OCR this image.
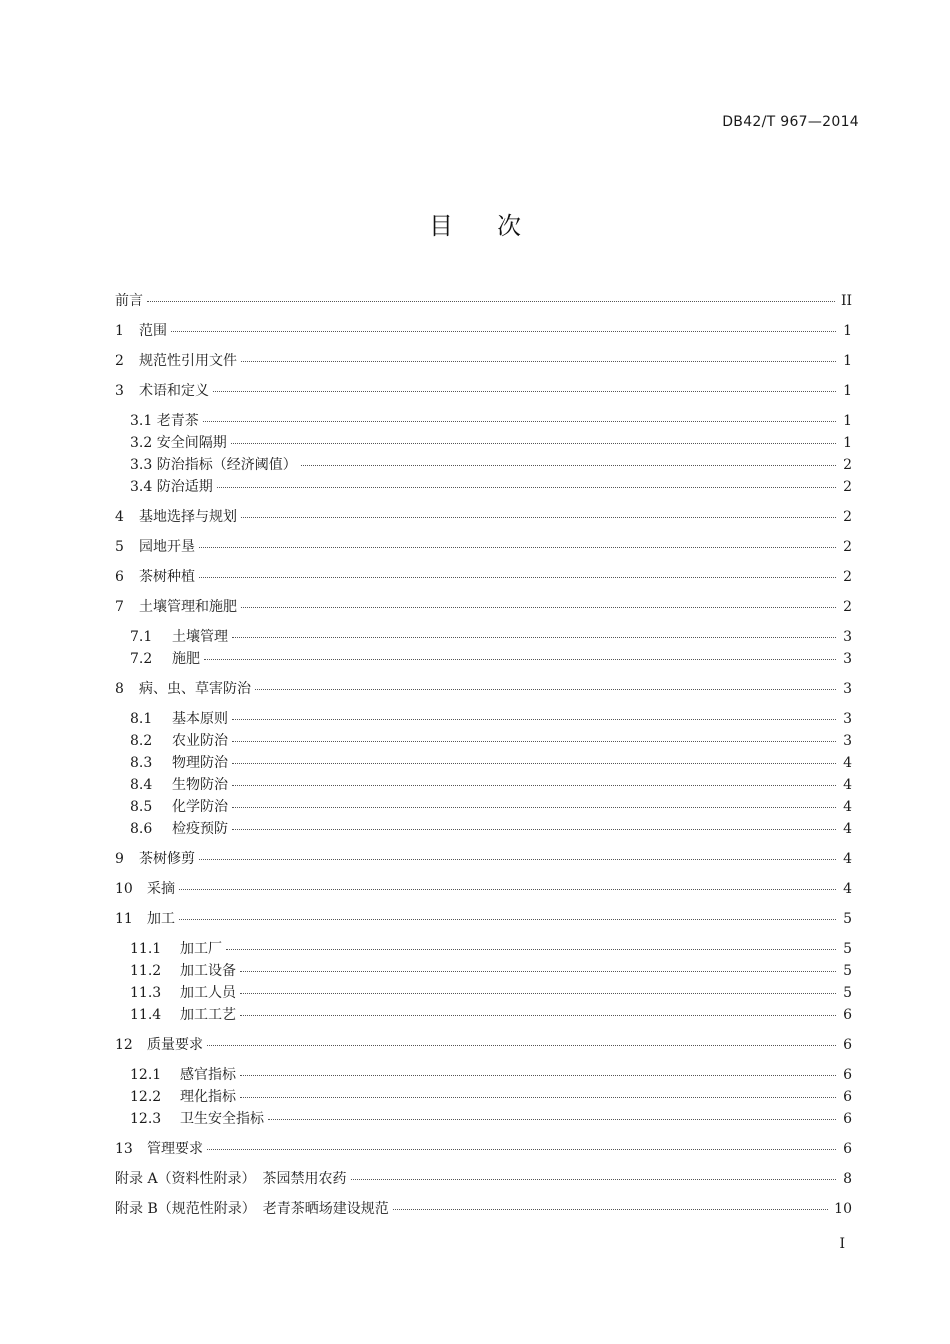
DB42/T 967—2014
目次
前言	II
1	范围	1
2	规范性引用文件	1
3	术语和定义	1
3.1 老青茶	1
3.2 安全间隔期	1
3.3 防治指标（经济阈值）	2
3.4 防治适期	2
4	基地选择与规划	2
5	园地开垦	2
6	茶树种植	2
7	土壤管理和施肥	2
7.1	土壤管理	3
7.2	施肥	3
8	病、虫、草害防治	3
8.1	基本原则	3
8.2	农业防治	3
8.3	物理防治	4
8.4	生物防治	4
8.5	化学防治	4
8.6	检疫预防	4
9	茶树修剪	4
10	采摘	4
11	加工	5
11.1	加工厂	5
11.2	加工设备	5
11.3	加工人员	5
11.4	加工工艺	6
12	质量要求	6
12.1	感官指标	6
12.2	理化指标	6
12.3	卫生安全指标	6
13	管理要求	6
附录 A（资料性附录）　茶园禁用农药	8
附录 B（规范性附录）　老青茶晒场建设规范	10
I
